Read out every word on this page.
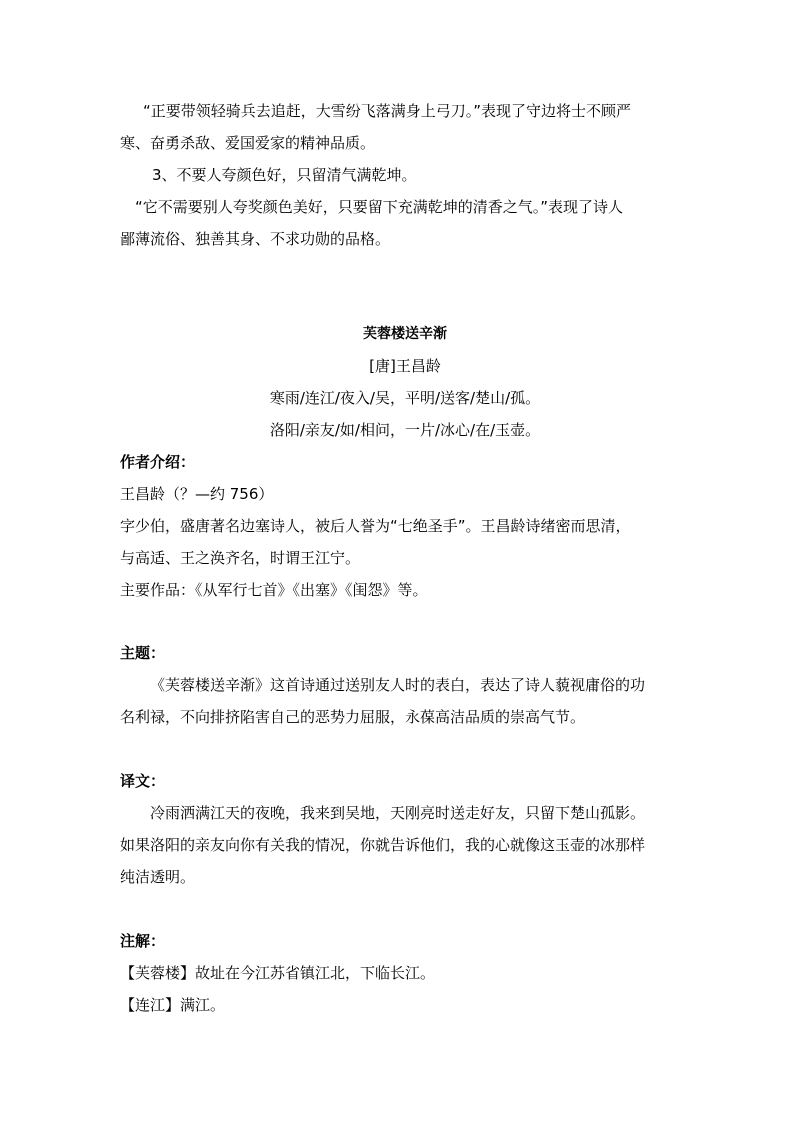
“正要带领轻骑兵去追赶，大雪纷飞落满身上弓刀。”表现了守边将士不顾严
寒、奋勇杀敌、爱国爱家的精神品质。
3、不要人夸颜色好，只留清气满乾坤。
“它不需要别人夸奖颜色美好，只要留下充满乾坤的清香之气。”表现了诗人
鄙薄流俗、独善其身、不求功勋的品格。
芙蓉楼送辛渐
[唐]王昌龄
寒雨/连江/夜入/吴，平明/送客/楚山/孤。
洛阳/亲友/如/相问，一片/冰心/在/玉壶。
作者介绍：
王昌龄（？—约 756）
字少伯，盛唐著名边塞诗人，被后人誉为“七绝圣手”。王昌龄诗绪密而思清，
与高适、王之涣齐名，时谓王江宁。
主要作品：《从军行七首》《出塞》《闺怨》等。
主题：
《芙蓉楼送辛渐》这首诗通过送别友人时的表白，表达了诗人藐视庸俗的功
名利禄，不向排挤陷害自己的恶势力屈服，永葆高洁品质的崇高气节。
译文：
冷雨洒满江天的夜晚，我来到吴地，天刚亮时送走好友，只留下楚山孤影。
如果洛阳的亲友向你有关我的情况，你就告诉他们，我的心就像这玉壶的冰那样
纯洁透明。
注解：
【芙蓉楼】故址在今江苏省镇江北，下临长江。
【连江】满江。
